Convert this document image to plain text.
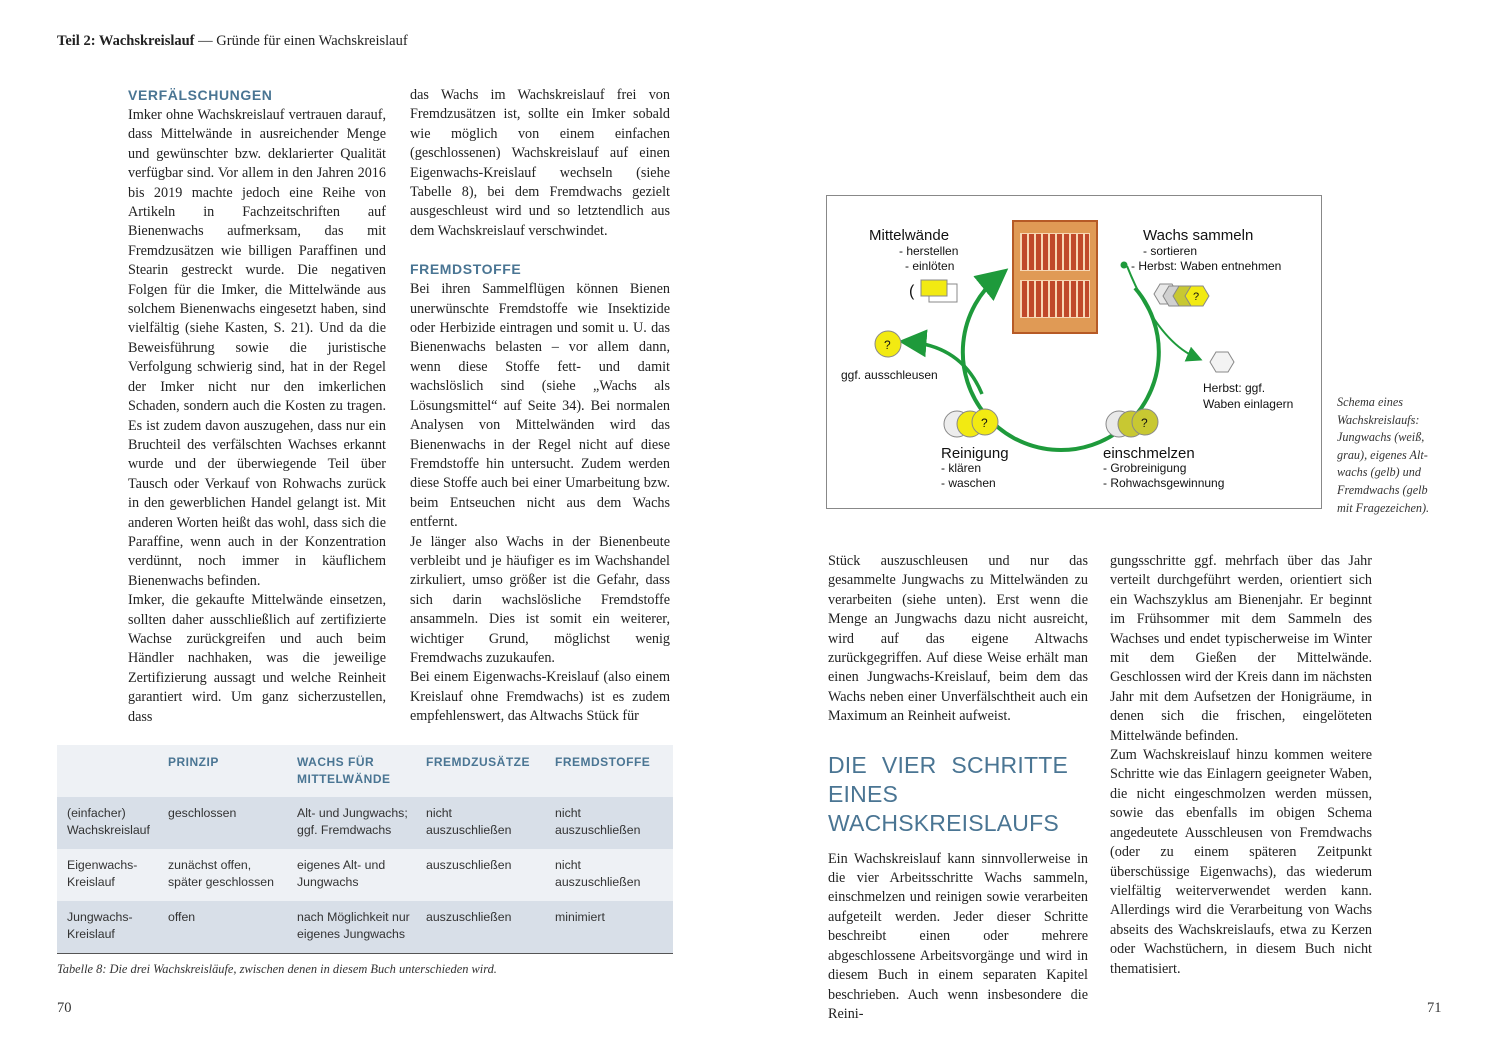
Teil 2: Wachskreislauf — Gründe für einen Wachskreislauf
VERFÄLSCHUNGEN

Imker ohne Wachskreislauf vertrauen darauf, dass Mittelwände in ausreichender Menge und gewünschter bzw. deklarierter Qualität verfügbar sind. Vor allem in den Jahren 2016 bis 2019 machte jedoch eine Reihe von Artikeln in Fachzeitschriften auf Bienenwachs aufmerksam, das mit Fremdzusätzen wie billigen Paraffinen und Stearin gestreckt wurde. Die negativen Folgen für die Imker, die Mittelwände aus solchem Bienenwachs eingesetzt haben, sind vielfältig (siehe Kasten, S. 21). Und da die Beweisführung sowie die juristische Verfolgung schwierig sind, hat in der Regel der Imker nicht nur den imkerlichen Schaden, sondern auch die Kosten zu tragen. Es ist zudem davon auszugehen, dass nur ein Bruchteil des verfälschten Wachses erkannt wurde und der überwiegende Teil über Tausch oder Verkauf von Rohwachs zurück in den gewerblichen Handel gelangt ist. Mit anderen Worten heißt das wohl, dass sich die Paraffine, wenn auch in der Konzentration verdünnt, noch immer in käuflichem Bienenwachs befinden.

Imker, die gekaufte Mittelwände einsetzen, sollten daher ausschließlich auf zertifizierte Wachse zurückgreifen und auch beim Händler nachhaken, was die jeweilige Zertifizierung aussagt und welche Reinheit garantiert wird. Um ganz sicherzustellen, dass

das Wachs im Wachskreislauf frei von Fremdzusätzen ist, sollte ein Imker sobald wie möglich von einem einfachen (geschlossenen) Wachskreislauf auf einen Eigenwachs-Kreislauf wechseln (siehe Tabelle 8), bei dem Fremdwachs gezielt ausgeschleust wird und so letztendlich aus dem Wachskreislauf verschwindet.

FREMDSTOFFE

Bei ihren Sammelflügen können Bienen unerwünschte Fremdstoffe wie Insektizide oder Herbizide eintragen und somit u. U. das Bienenwachs belasten – vor allem dann, wenn diese Stoffe fett- und damit wachslöslich sind (siehe „Wachs als Lösungsmittel“ auf Seite 34). Bei normalen Analysen von Mittelwänden wird das Bienenwachs in der Regel nicht auf diese Fremdstoffe hin untersucht. Zudem werden diese Stoffe auch bei einer Umarbeitung bzw. beim Entseuchen nicht aus dem Wachs entfernt.

Je länger also Wachs in der Bienenbeute verbleibt und je häufiger es im Wachshandel zirkuliert, umso größer ist die Gefahr, dass sich darin wachslösliche Fremdstoffe ansammeln. Dies ist somit ein weiterer, wichtiger Grund, möglichst wenig Fremdwachs zuzukaufen.

Bei einem Eigenwachs-Kreislauf (also einem Kreislauf ohne Fremdwachs) ist es zudem empfehlenswert, das Altwachs Stück für

	PRINZIP	WACHS FÜR MITTELWÄNDE	FREMDZUSÄTZE	FREMDSTOFFE
(einfacher) Wachskreislauf	geschlossen	Alt- und Jungwachs; ggf. Fremdwachs	nicht auszuschließen	nicht auszuschließen
Eigenwachs-Kreislauf	zunächst offen, später geschlossen	eigenes Alt- und Jungwachs	auszuschließen	nicht auszuschließen
Jungwachs-Kreislauf	offen	nach Möglichkeit nur eigenes Jungwachs	auszuschließen	minimiert
Tabelle 8: Die drei Wachskreisläufe, zwischen denen in diesem Buch unterschieden wird.
70	71
Mittelwände
- herstellen
- einlöten
(
Wachs sammeln
- sortieren
- Herbst: Waben entnehmen
?
?
ggf. ausschleusen
Herbst: ggf.
Waben einlagern
?
Reinigung
- klären
- waschen
?
einschmelzen
- Grobreinigung
- Rohwachsgewinnung
Schema eines
Wachskreislaufs:
Jungwachs (weiß,
grau), eigenes Alt-
wachs (gelb) und
Fremdwachs (gelb
mit Fragezeichen).

Stück auszuschleusen und nur das gesammelte Jungwachs zu Mittelwänden zu verarbeiten (siehe unten). Erst wenn die Menge an Jungwachs dazu nicht ausreicht, wird auf das eigene Altwachs zurückgegriffen. Auf diese Weise erhält man einen Jungwachs-Kreislauf, beim dem das Wachs neben einer Unverfälschtheit auch ein Maximum an Reinheit aufweist.

DIE VIER SCHRITTE EINES WACHSKREISLAUFS

Ein Wachskreislauf kann sinnvollerweise in die vier Arbeitsschritte Wachs sammeln, einschmelzen und reinigen sowie verarbeiten aufgeteilt werden. Jeder dieser Schritte beschreibt einen oder mehrere abgeschlossene Arbeitsvorgänge und wird in diesem Buch in einem separaten Kapitel beschrieben. Auch wenn insbesondere die Reini-

gungsschritte ggf. mehrfach über das Jahr verteilt durchgeführt werden, orientiert sich ein Wachszyklus am Bienenjahr. Er beginnt im Frühsommer mit dem Sammeln des Wachses und endet typischerweise im Winter mit dem Gießen der Mittelwände. Geschlossen wird der Kreis dann im nächsten Jahr mit dem Aufsetzen der Honigräume, in denen sich die frischen, eingelöteten Mittelwände befinden.

Zum Wachskreislauf hinzu kommen weitere Schritte wie das Einlagern geeigneter Waben, die nicht eingeschmolzen werden müssen, sowie das ebenfalls im obigen Schema angedeutete Ausschleusen von Fremdwachs (oder zu einem späteren Zeitpunkt überschüssige Eigenwachs), das wiederum vielfältig weiterverwendet werden kann. Allerdings wird die Verarbeitung von Wachs abseits des Wachskreislaufs, etwa zu Kerzen oder Wachstüchern, in diesem Buch nicht thematisiert.
